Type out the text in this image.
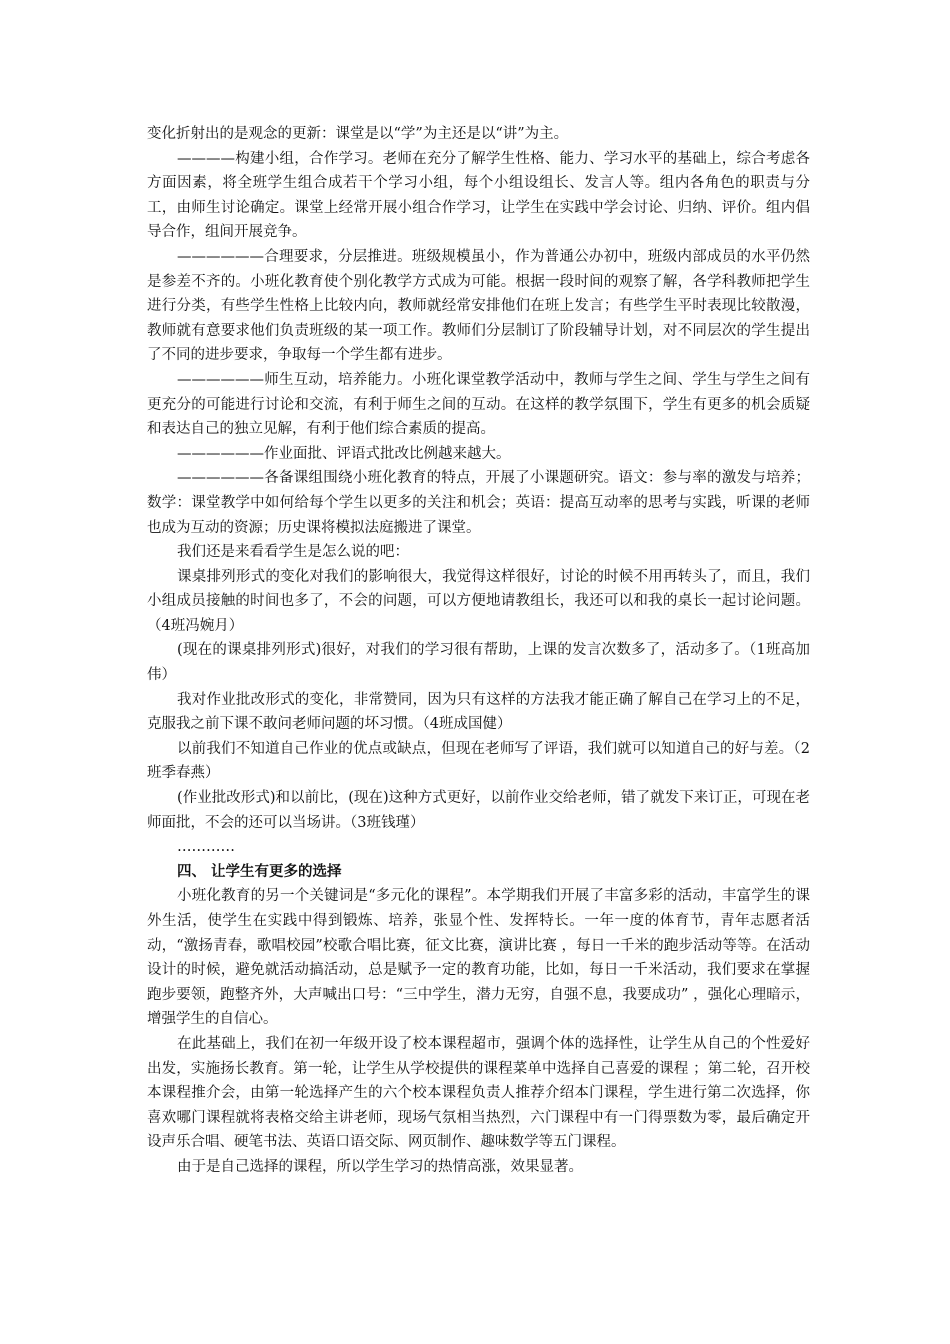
变化折射出的是观念的更新：课堂是以“学”为主还是以“讲”为主。

————构建小组，合作学习。老师在充分了解学生性格、能力、学习水平的基础上，综合考虑各方面因素，将全班学生组合成若干个学习小组，每个小组设组长、发言人等。组内各角色的职责与分工，由师生讨论确定。课堂上经常开展小组合作学习，让学生在实践中学会讨论、归纳、评价。组内倡导合作，组间开展竞争。

——————合理要求，分层推进。班级规模虽小，作为普通公办初中，班级内部成员的水平仍然是参差不齐的。小班化教育使个别化教学方式成为可能。根据一段时间的观察了解，各学科教师把学生进行分类，有些学生性格上比较内向，教师就经常安排他们在班上发言；有些学生平时表现比较散漫，教师就有意要求他们负责班级的某一项工作。教师们分层制订了阶段辅导计划，对不同层次的学生提出了不同的进步要求，争取每一个学生都有进步。

——————师生互动，培养能力。小班化课堂教学活动中，教师与学生之间、学生与学生之间有更充分的可能进行讨论和交流，有利于师生之间的互动。在这样的教学氛围下，学生有更多的机会质疑和表达自己的独立见解，有利于他们综合素质的提高。

——————作业面批、评语式批改比例越来越大。

——————各备课组围绕小班化教育的特点，开展了小课题研究。语文：参与率的激发与培养；数学：课堂教学中如何给每个学生以更多的关注和机会；英语：提高互动率的思考与实践，听课的老师也成为互动的资源；历史课将模拟法庭搬进了课堂。

我们还是来看看学生是怎么说的吧：

课桌排列形式的变化对我们的影响很大，我觉得这样很好，讨论的时候不用再转头了，而且，我们小组成员接触的时间也多了，不会的问题，可以方便地请教组长，我还可以和我的桌长一起讨论问题。（4班冯婉月）

(现在的课桌排列形式)很好，对我们的学习很有帮助，上课的发言次数多了，活动多了。（1班高加伟）

我对作业批改形式的变化，非常赞同，因为只有这样的方法我才能正确了解自己在学习上的不足，克服我之前下课不敢问老师问题的坏习惯。（4班成国健）

以前我们不知道自己作业的优点或缺点，但现在老师写了评语，我们就可以知道自己的好与差。（2班季春燕）

(作业批改形式)和以前比，(现在)这种方式更好，以前作业交给老师，错了就发下来订正，可现在老师面批，不会的还可以当场讲。（3班钱瑾）

…………

四、 让学生有更多的选择

小班化教育的另一个关键词是“多元化的课程”。本学期我们开展了丰富多彩的活动，丰富学生的课外生活，使学生在实践中得到锻炼、培养，张显个性、发挥特长。一年一度的体育节，青年志愿者活动，“激扬青春，歌唱校园”校歌合唱比赛，征文比赛，演讲比赛 ，每日一千米的跑步活动等等。在活动设计的时候，避免就活动搞活动，总是赋予一定的教育功能，比如，每日一千米活动，我们要求在掌握跑步要领，跑整齐外，大声喊出口号：“三中学生，潜力无穷，自强不息，我要成功” ，强化心理暗示，增强学生的自信心。

在此基础上，我们在初一年级开设了校本课程超市，强调个体的选择性，让学生从自己的个性爱好出发，实施扬长教育。第一轮，让学生从学校提供的课程菜单中选择自己喜爱的课程 ；第二轮，召开校本课程推介会，由第一轮选择产生的六个校本课程负责人推荐介绍本门课程，学生进行第二次选择，你喜欢哪门课程就将表格交给主讲老师，现场气氛相当热烈，六门课程中有一门得票数为零，最后确定开设声乐合唱、硬笔书法、英语口语交际、网页制作、趣味数学等五门课程。

由于是自己选择的课程，所以学生学习的热情高涨，效果显著。
